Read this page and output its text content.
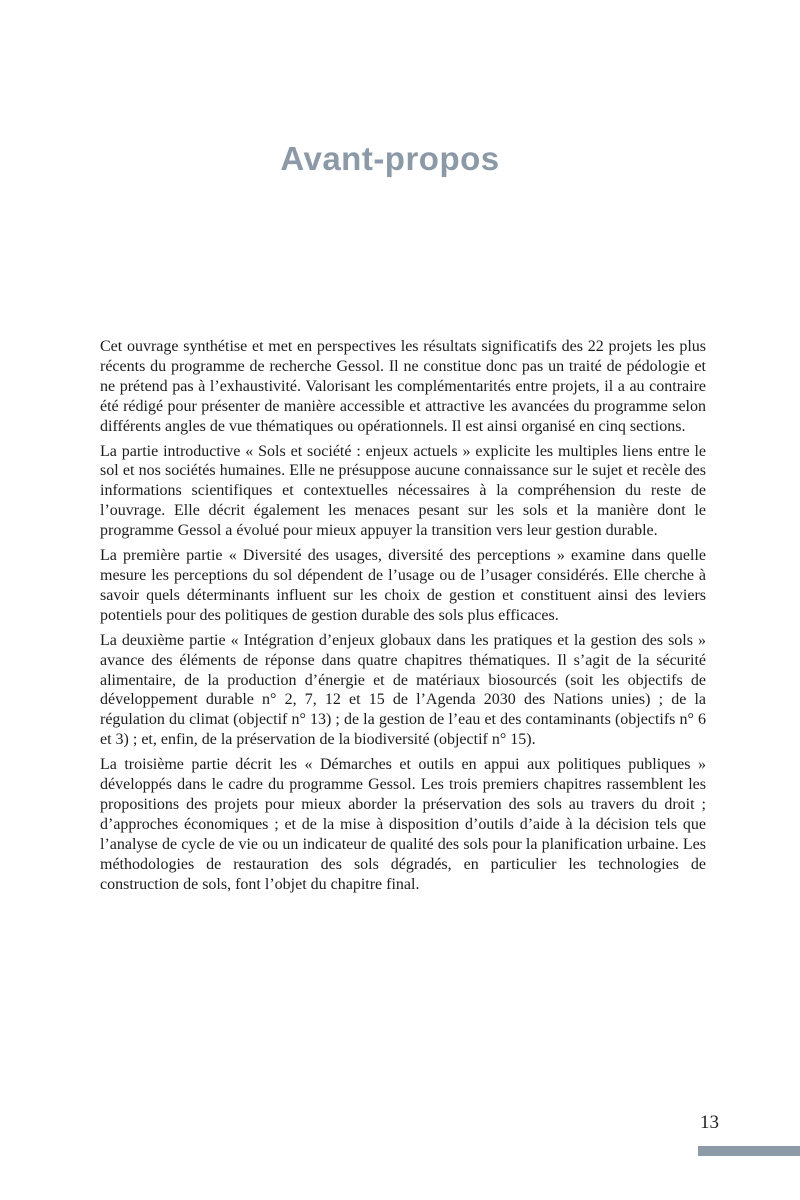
Avant-propos

Cet ouvrage synthétise et met en perspectives les résultats significatifs des 22 projets les plus récents du programme de recherche Gessol. Il ne constitue donc pas un traité de pédologie et ne prétend pas à l’exhaustivité. Valorisant les complémentarités entre projets, il a au contraire été rédigé pour présenter de manière accessible et attractive les avancées du programme selon différents angles de vue thématiques ou opérationnels. Il est ainsi organisé en cinq sections.

La partie introductive « Sols et société : enjeux actuels » explicite les multiples liens entre le sol et nos sociétés humaines. Elle ne présuppose aucune connaissance sur le sujet et recèle des informations scientifiques et contextuelles nécessaires à la compréhension du reste de l’ouvrage. Elle décrit également les menaces pesant sur les sols et la manière dont le programme Gessol a évolué pour mieux appuyer la transition vers leur gestion durable.

La première partie « Diversité des usages, diversité des perceptions » examine dans quelle mesure les perceptions du sol dépendent de l’usage ou de l’usager considérés. Elle cherche à savoir quels déterminants influent sur les choix de gestion et constituent ainsi des leviers potentiels pour des politiques de gestion durable des sols plus efficaces.

La deuxième partie « Intégration d’enjeux globaux dans les pratiques et la gestion des sols » avance des éléments de réponse dans quatre chapitres thématiques. Il s’agit de la sécurité alimentaire, de la production d’énergie et de matériaux biosourcés (soit les objectifs de développement durable n° 2, 7, 12 et 15 de l’Agenda 2030 des Nations unies) ; de la régulation du climat (objectif n° 13) ; de la gestion de l’eau et des contaminants (objectifs n° 6 et 3) ; et, enfin, de la préservation de la biodiversité (objectif n° 15).

La troisième partie décrit les « Démarches et outils en appui aux politiques publiques » développés dans le cadre du programme Gessol. Les trois premiers chapitres rassemblent les propositions des projets pour mieux aborder la préservation des sols au travers du droit ; d’approches économiques ; et de la mise à disposition d’outils d’aide à la décision tels que l’analyse de cycle de vie ou un indicateur de qualité des sols pour la planification urbaine. Les méthodologies de restauration des sols dégradés, en particulier les technologies de construction de sols, font l’objet du chapitre final.

13
